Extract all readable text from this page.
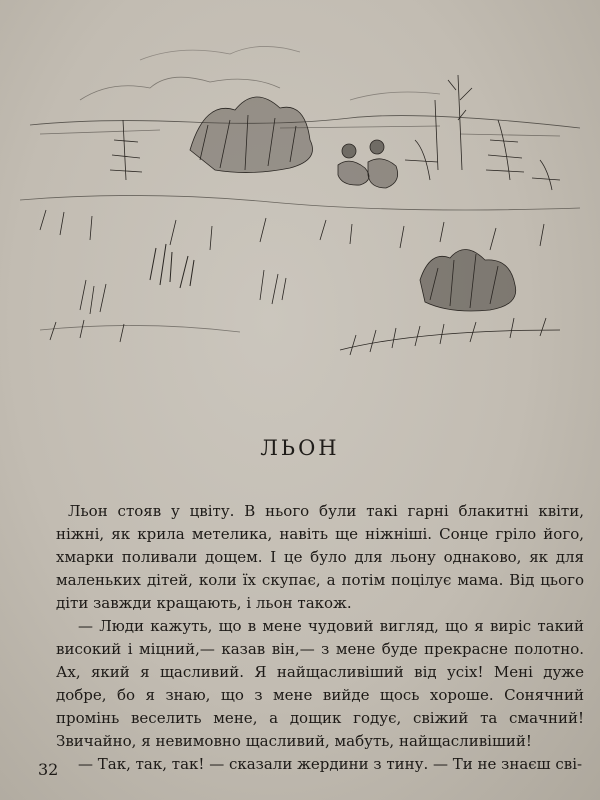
ЛЬОН

Льон стояв у цвіту. В нього були такі гарні блакитні квіти, ніжні, як крила метелика, навіть ще ніжніші. Сонце гріло його, хмарки поливали дощем. І це було для льону однаково, як для маленьких дітей, коли їх скупає, а потім поцілує мама. Від цього діти завжди кращають, і льон також.

— Люди кажуть, що в мене чудовий вигляд, що я виріс такий високий і міцний,— казав він,— з мене буде прекрасне полотно. Ах, який я щасливий. Я найщасливіший від усіх! Мені дуже добре, бо я знаю, що з мене вийде щось хороше. Сонячний промінь веселить мене, а дощик годує, свіжий та смачний! Звичайно, я невимовно щасливий, мабуть, найщасливіший!

— Так, так, так! — сказали жердини з тину. — Ти не знаєш сві-

32
